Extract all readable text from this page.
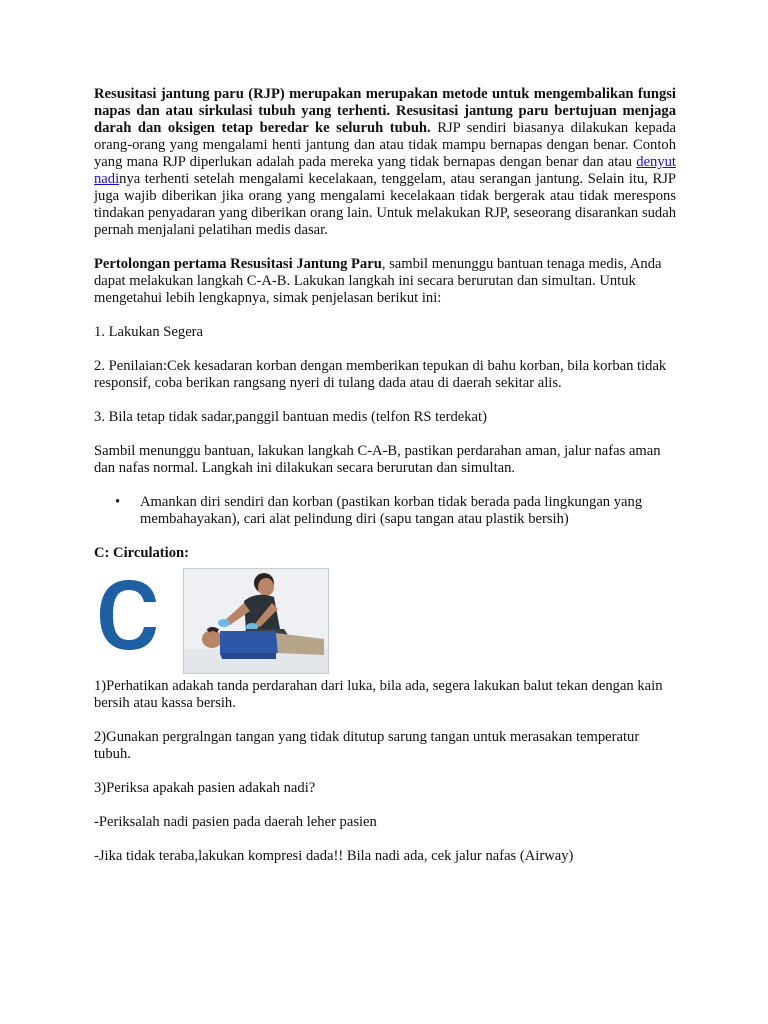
Resusitasi jantung paru (RJP) merupakan merupakan metode untuk mengembalikan fungsi napas dan atau sirkulasi tubuh yang terhenti. Resusitasi jantung paru bertujuan menjaga darah dan oksigen tetap beredar ke seluruh tubuh. RJP sendiri biasanya dilakukan kepada orang-orang yang mengalami henti jantung dan atau tidak mampu bernapas dengan benar. Contoh yang mana RJP diperlukan adalah pada mereka yang tidak bernapas dengan benar dan atau denyut nadinya terhenti setelah mengalami kecelakaan, tenggelam, atau serangan jantung. Selain itu, RJP juga wajib diberikan jika orang yang mengalami kecelakaan tidak bergerak atau tidak merespons tindakan penyadaran yang diberikan orang lain. Untuk melakukan RJP, seseorang disarankan sudah pernah menjalani pelatihan medis dasar.

Pertolongan pertama Resusitasi Jantung Paru, sambil menunggu bantuan tenaga medis, Anda dapat melakukan langkah C-A-B. Lakukan langkah ini secara berurutan dan simultan. Untuk mengetahui lebih lengkapnya, simak penjelasan berikut ini:

1. Lakukan Segera

2. Penilaian:Cek kesadaran korban dengan memberikan tepukan di bahu korban, bila korban tidak responsif, coba berikan rangsang nyeri di tulang dada atau di daerah sekitar alis.

3. Bila tetap tidak sadar,panggil bantuan medis (telfon RS terdekat)

Sambil menunggu bantuan, lakukan langkah C-A-B, pastikan perdarahan aman, jalur nafas aman dan nafas normal. Langkah ini dilakukan secara berurutan dan simultan.

• Amankan diri sendiri dan korban (pastikan korban tidak berada pada lingkungan yang membahayakan), cari alat pelindung diri (sapu tangan atau plastik bersih)

C: Circulation:

1)Perhatikan adakah tanda perdarahan dari luka, bila ada, segera lakukan balut tekan dengan kain bersih atau kassa bersih.

2)Gunakan pergralngan tangan yang tidak ditutup sarung tangan untuk merasakan temperatur tubuh.

3)Periksa apakah pasien adakah nadi?

-Periksalah nadi pasien pada daerah leher pasien

-Jika tidak teraba,lakukan kompresi dada!! Bila nadi ada, cek jalur nafas (Airway)
